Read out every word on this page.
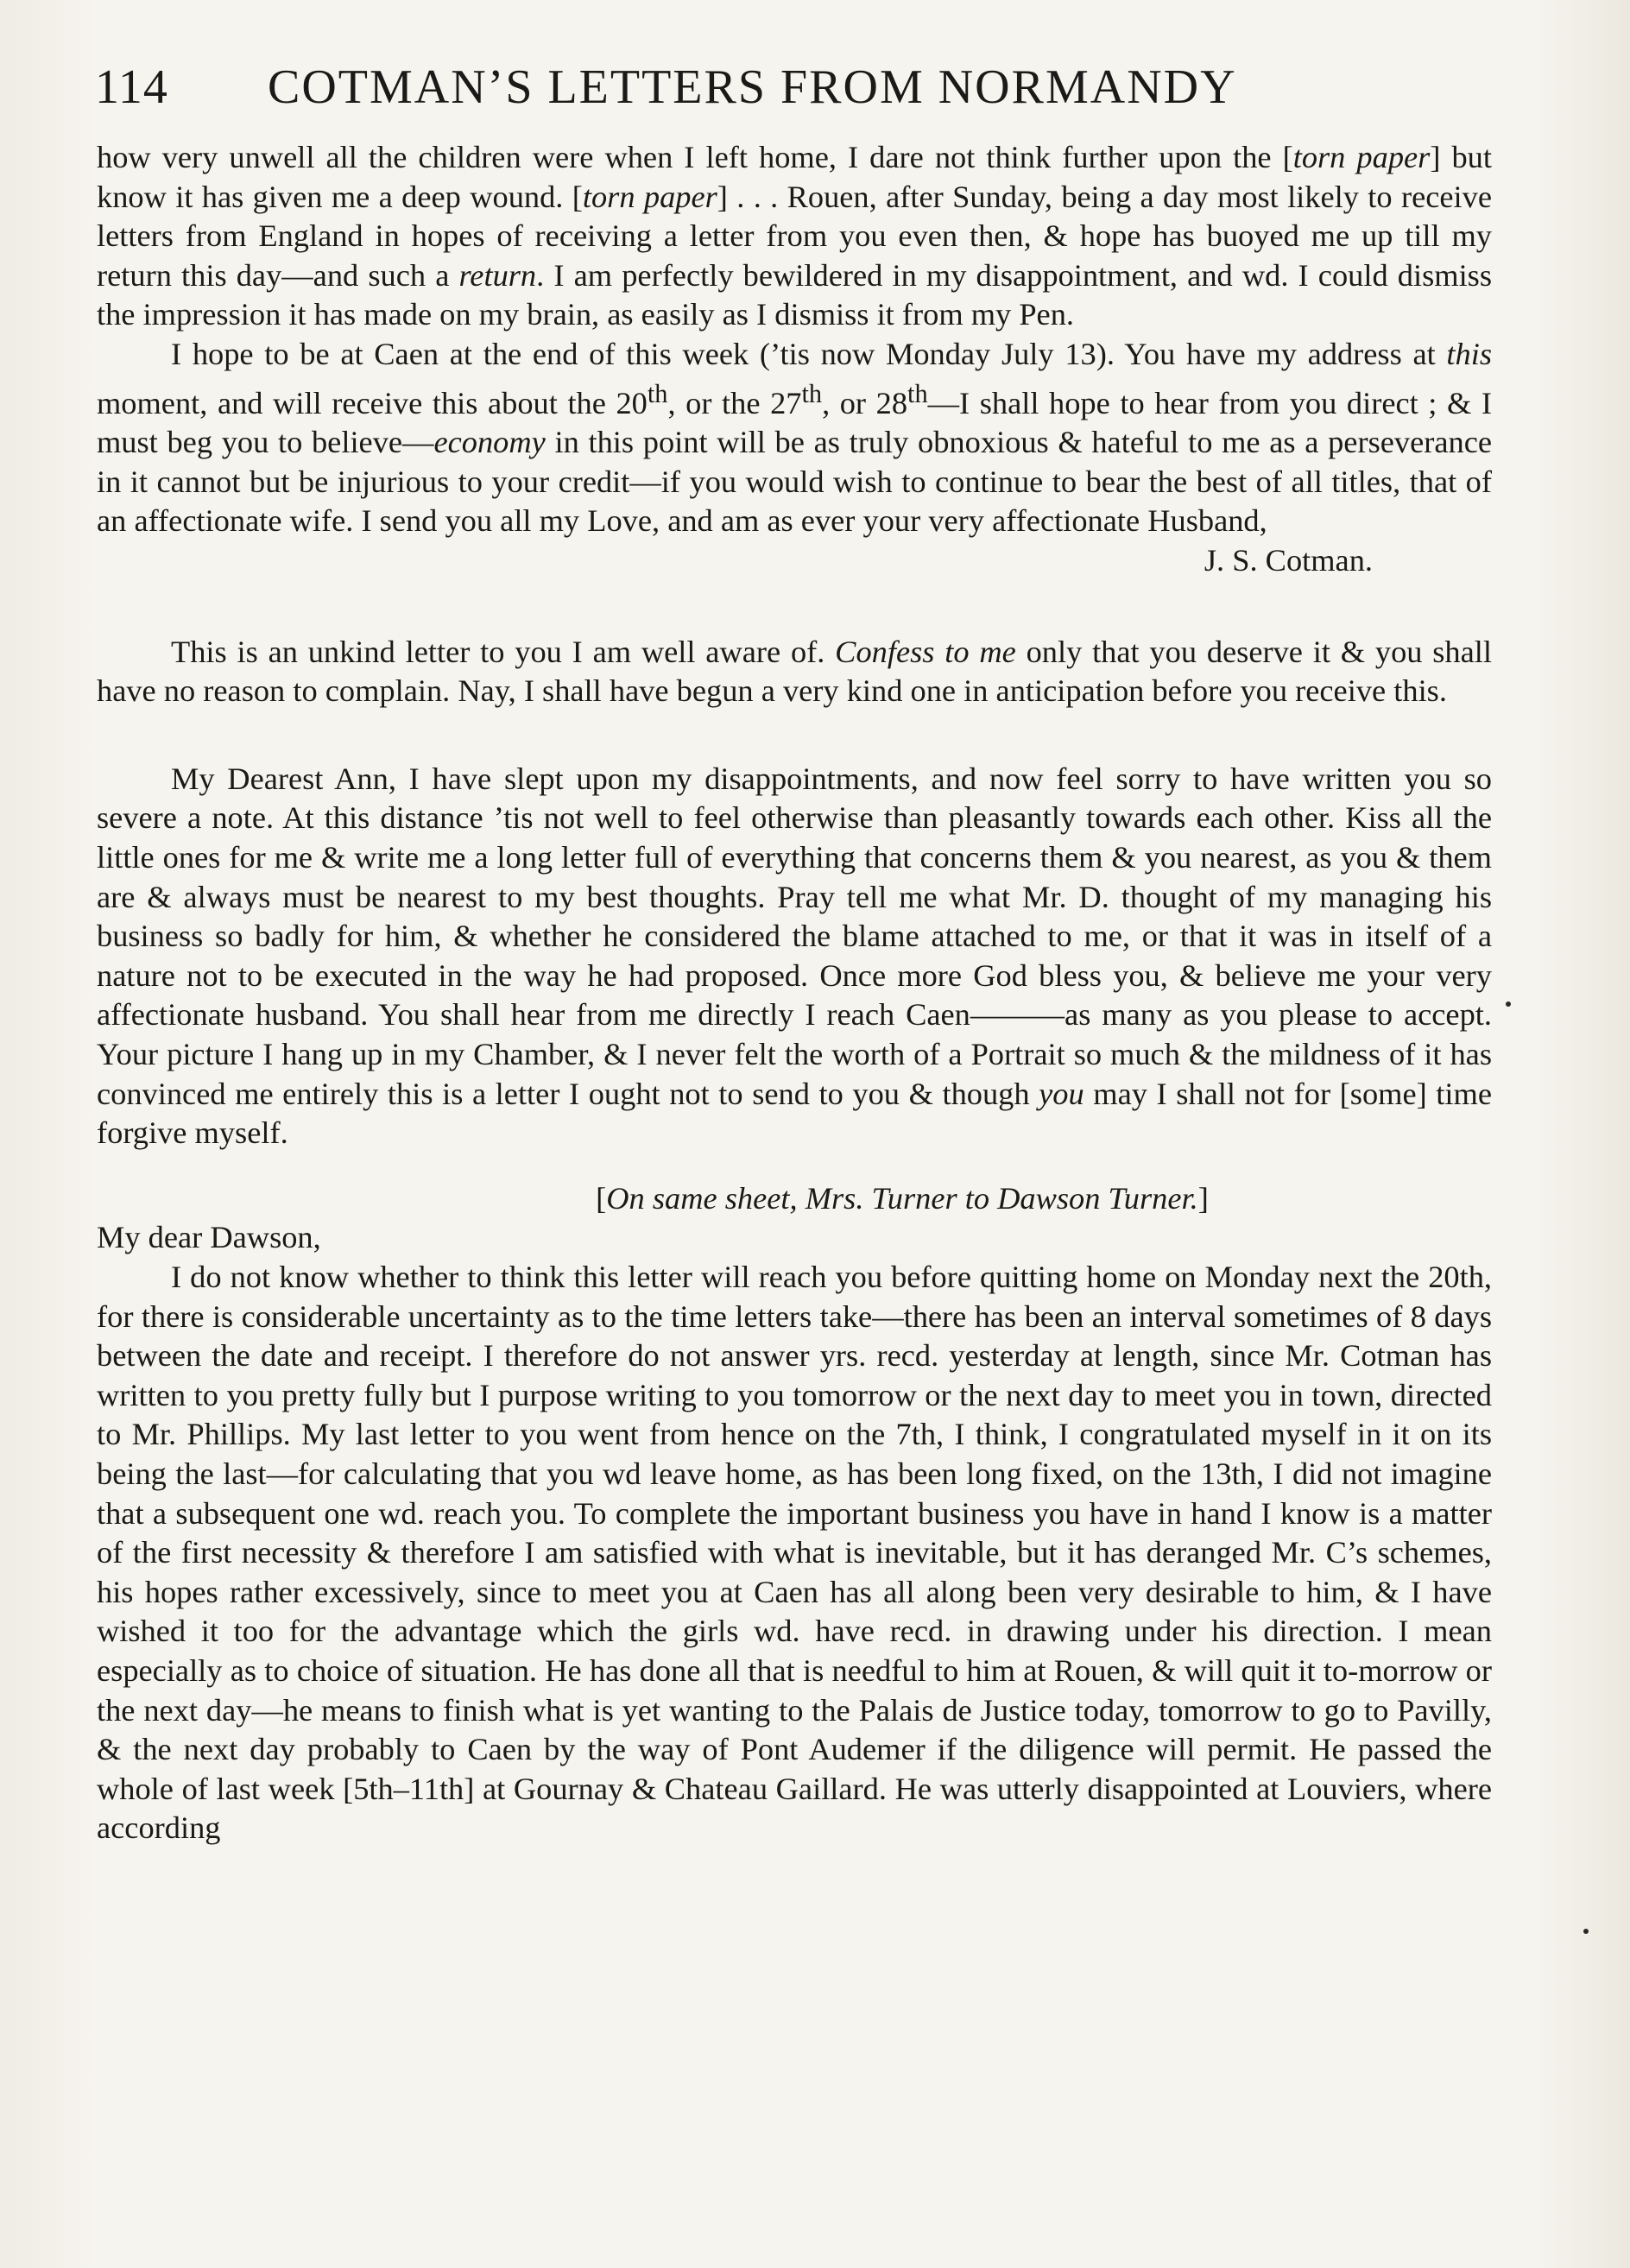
114 COTMAN’S LETTERS FROM NORMANDY

how very unwell all the children were when I left home, I dare not think further upon the [torn paper] but know it has given me a deep wound. [torn paper] . . . Rouen, after Sunday, being a day most likely to receive letters from England in hopes of receiving a letter from you even then, & hope has buoyed me up till my return this day—and such a return. I am perfectly bewildered in my disappointment, and wd. I could dismiss the impression it has made on my brain, as easily as I dismiss it from my Pen.

I hope to be at Caen at the end of this week (’tis now Monday July 13). You have my address at this moment, and will receive this about the 20th, or the 27th, or 28th—I shall hope to hear from you direct ; & I must beg you to believe—economy in this point will be as truly obnoxious & hateful to me as a perseverance in it cannot but be injurious to your credit—if you would wish to continue to bear the best of all titles, that of an affectionate wife. I send you all my Love, and am as ever your very affectionate Husband,

J. S. Cotman.

This is an unkind letter to you I am well aware of. Confess to me only that you deserve it & you shall have no reason to complain. Nay, I shall have begun a very kind one in anticipation before you receive this.

My Dearest Ann, I have slept upon my disappointments, and now feel sorry to have written you so severe a note. At this distance ’tis not well to feel otherwise than pleasantly towards each other. Kiss all the little ones for me & write me a long letter full of everything that concerns them & you nearest, as you & them are & always must be nearest to my best thoughts. Pray tell me what Mr. D. thought of my managing his business so badly for him, & whether he considered the blame attached to me, or that it was in itself of a nature not to be executed in the way he had proposed. Once more God bless you, & believe me your very affectionate husband. You shall hear from me directly I reach Caen———as many as you please to accept. Your picture I hang up in my Chamber, & I never felt the worth of a Portrait so much & the mildness of it has convinced me entirely this is a letter I ought not to send to you & though you may I shall not for [some] time forgive myself.

[On same sheet, Mrs. Turner to Dawson Turner.]

My dear Dawson,

I do not know whether to think this letter will reach you before quitting home on Monday next the 20th, for there is considerable uncertainty as to the time letters take—there has been an interval sometimes of 8 days between the date and receipt. I therefore do not answer yrs. recd. yesterday at length, since Mr. Cotman has written to you pretty fully but I purpose writing to you tomorrow or the next day to meet you in town, directed to Mr. Phillips. My last letter to you went from hence on the 7th, I think, I congratulated myself in it on its being the last—for calculating that you wd leave home, as has been long fixed, on the 13th, I did not imagine that a subsequent one wd. reach you. To complete the important business you have in hand I know is a matter of the first necessity & therefore I am satisfied with what is inevitable, but it has deranged Mr. C’s schemes, his hopes rather excessively, since to meet you at Caen has all along been very desirable to him, & I have wished it too for the advantage which the girls wd. have recd. in drawing under his direction. I mean especially as to choice of situation. He has done all that is needful to him at Rouen, & will quit it to-morrow or the next day—he means to finish what is yet wanting to the Palais de Justice today, tomorrow to go to Pavilly, & the next day probably to Caen by the way of Pont Audemer if the diligence will permit. He passed the whole of last week [5th–11th] at Gournay & Chateau Gaillard. He was utterly disappointed at Louviers, where according
